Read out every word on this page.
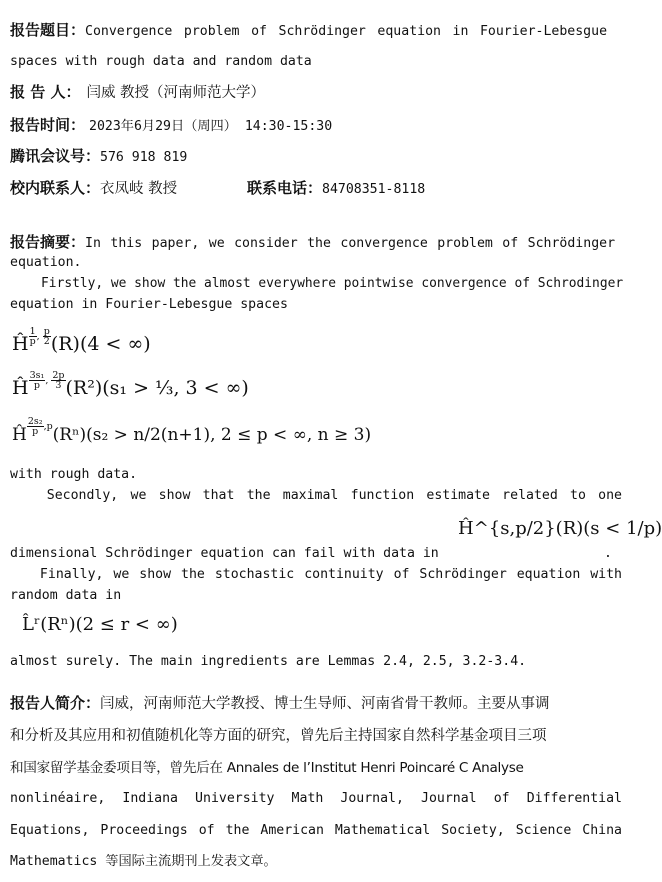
报告题目：Convergence problem of Schrödinger equation in Fourier-Lebesgue
spaces with rough data and random data
报 告 人： 闫威 教授（河南师范大学）
报告时间： 2023年6月29日（周四） 14:30-15:30
腾讯会议号：576 918 819
校内联系人：衣凤岐 教授	联系电话：84708351-8118
报告摘要：In this paper, we consider the convergence problem of Schrödinger
equation.
Firstly, we show the almost everywhere pointwise convergence of Schrodinger
equation in Fourier-Lebesgue spaces
Ĥ $^{\frac{1}{p} , \frac{p}{2}}$ (R)(4 < ∞)
Ĥ $^{\frac{\text{3s₁}}{p} , \frac{2p}{3}}$ (R²)(s₁ > ⅓, 3 < ∞)
Ĥ $^{\frac{\text{2s₂}}{p} ,p}$(Rⁿ)(s₂ > n/2(n+1), 2 ≤ p < ∞, n ≥ 3)
with rough data.
Secondly, we show that the maximal function estimate related to one
Ĥ^{s,p/2}(R)(s < 1/p)
dimensional Schrödinger equation can fail with data in	.
Finally, we show the stochastic continuity of Schrödinger equation with
random data in
L̂ʳ(Rⁿ)(2 ≤ r < ∞)
almost surely. The main ingredients are Lemmas 2.4, 2.5, 3.2-3.4.
报告人简介：闫威，河南师范大学教授、博士生导师、河南省骨干教师。主要从事调
和分析及其应用和初值随机化等方面的研究，曾先后主持国家自然科学基金项目三项
和国家留学基金委项目等，曾先后在 Annales de l’Institut Henri Poincaré C Analyse
nonlinéaire, Indiana University Math Journal, Journal of Differential
Equations, Proceedings of the American Mathematical Society, Science China
Mathematics 等国际主流期刊上发表文章。
